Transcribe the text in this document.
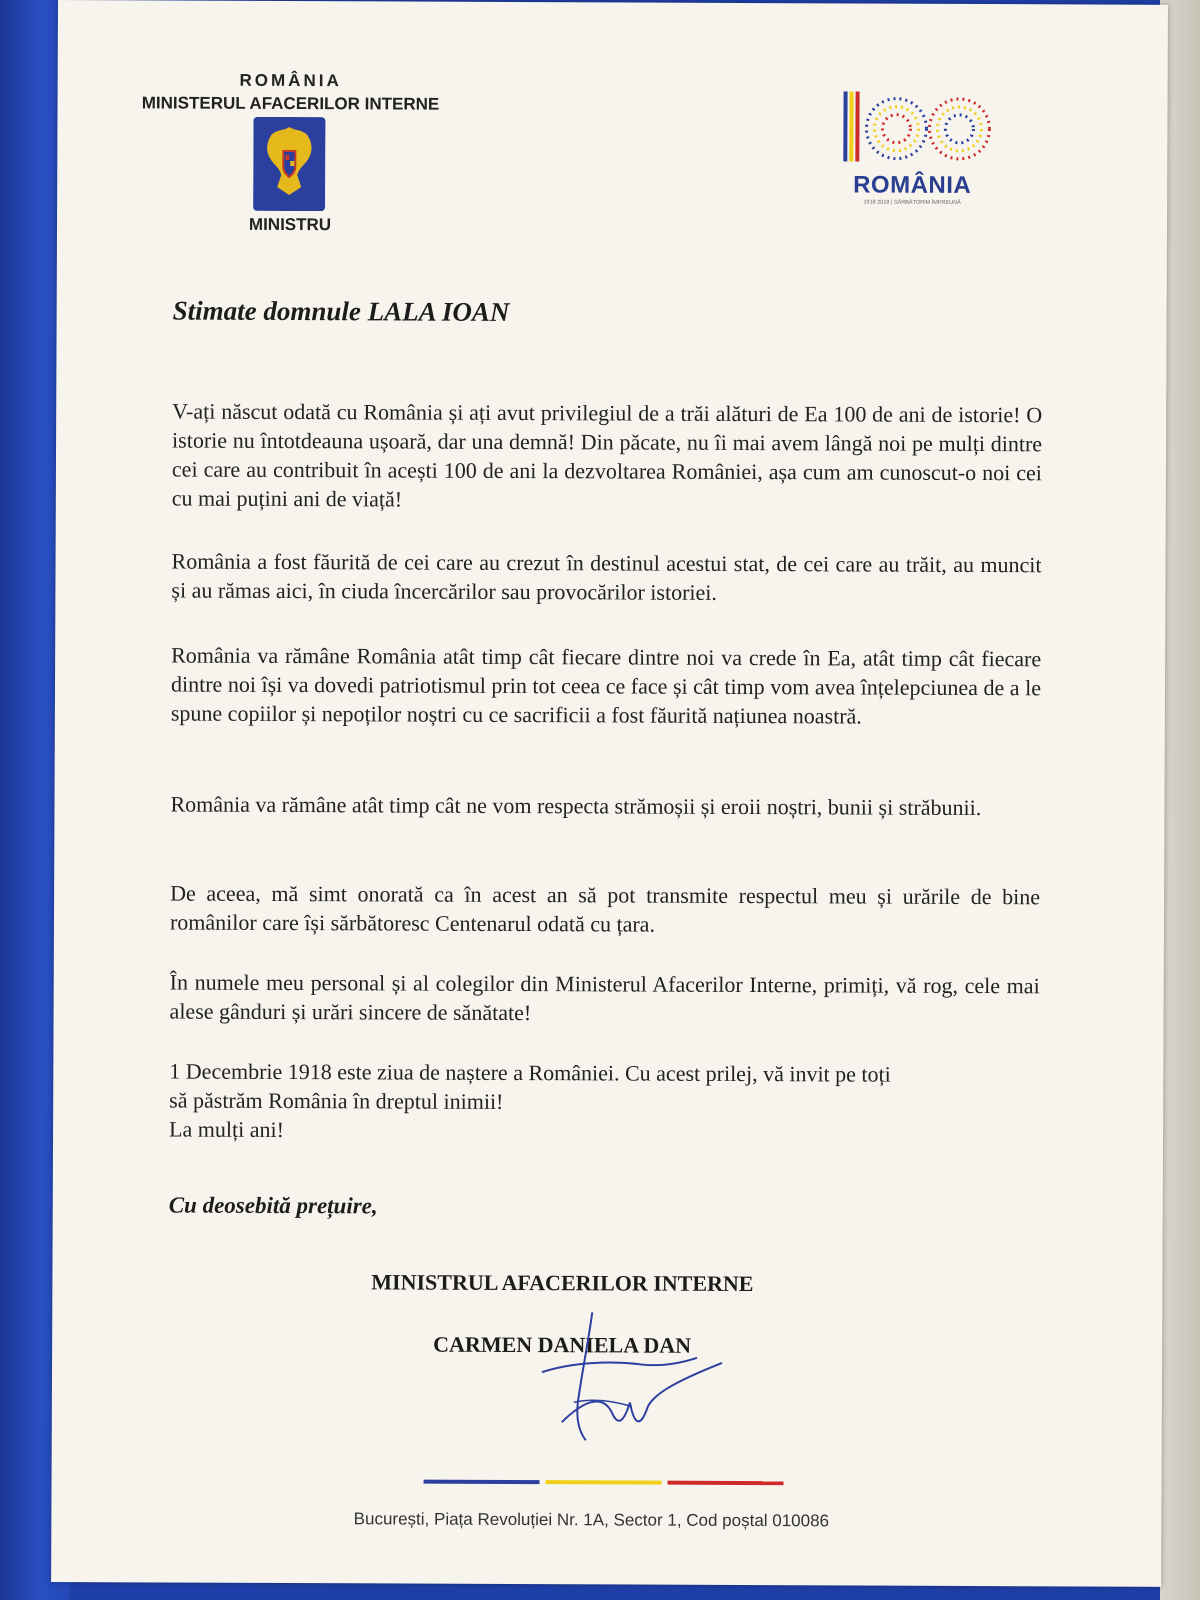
ROMÂNIA
MINISTERUL AFACERILOR INTERNE
MINISTRU
ROMÂNIA
1918 2018 | SĂRBĂTORIM ÎMPREUNĂ
Stimate domnule LALA IOAN
V-ați născut odată cu România și ați avut privilegiul de a trăi alături de Ea 100 de ani de istorie! O istorie nu întotdeauna ușoară, dar una demnă! Din păcate, nu îi mai avem lângă noi pe mulți dintre cei care au contribuit în acești 100 de ani la dezvoltarea României, așa cum am cunoscut-o noi cei cu mai puțini ani de viață!
România a fost făurită de cei care au crezut în destinul acestui stat, de cei care au trăit, au muncit și au rămas aici, în ciuda încercărilor sau provocărilor istoriei.
România va rămâne România atât timp cât fiecare dintre noi va crede în Ea, atât timp cât fiecare dintre noi își va dovedi patriotismul prin tot ceea ce face și cât timp vom avea înțelepciunea de a le spune copiilor și nepoților noștri cu ce sacrificii a fost făurită națiunea noastră.
România va rămâne atât timp cât ne vom respecta strămoșii și eroii noștri, bunii și străbunii.
De aceea, mă simt onorată ca în acest an să pot transmite respectul meu și urările de bine românilor care își sărbătoresc Centenarul odată cu țara.
În numele meu personal și al colegilor din Ministerul Afacerilor Interne, primiți, vă rog, cele mai alese gânduri și urări sincere de sănătate!
1 Decembrie 1918 este ziua de naștere a României. Cu acest prilej, vă invit pe toți
să păstrăm România în dreptul inimii!
La mulți ani!
Cu deosebită prețuire,
MINISTRUL AFACERILOR INTERNE
CARMEN DANIELA DAN
București, Piața Revoluției Nr. 1A, Sector 1, Cod poștal 010086
